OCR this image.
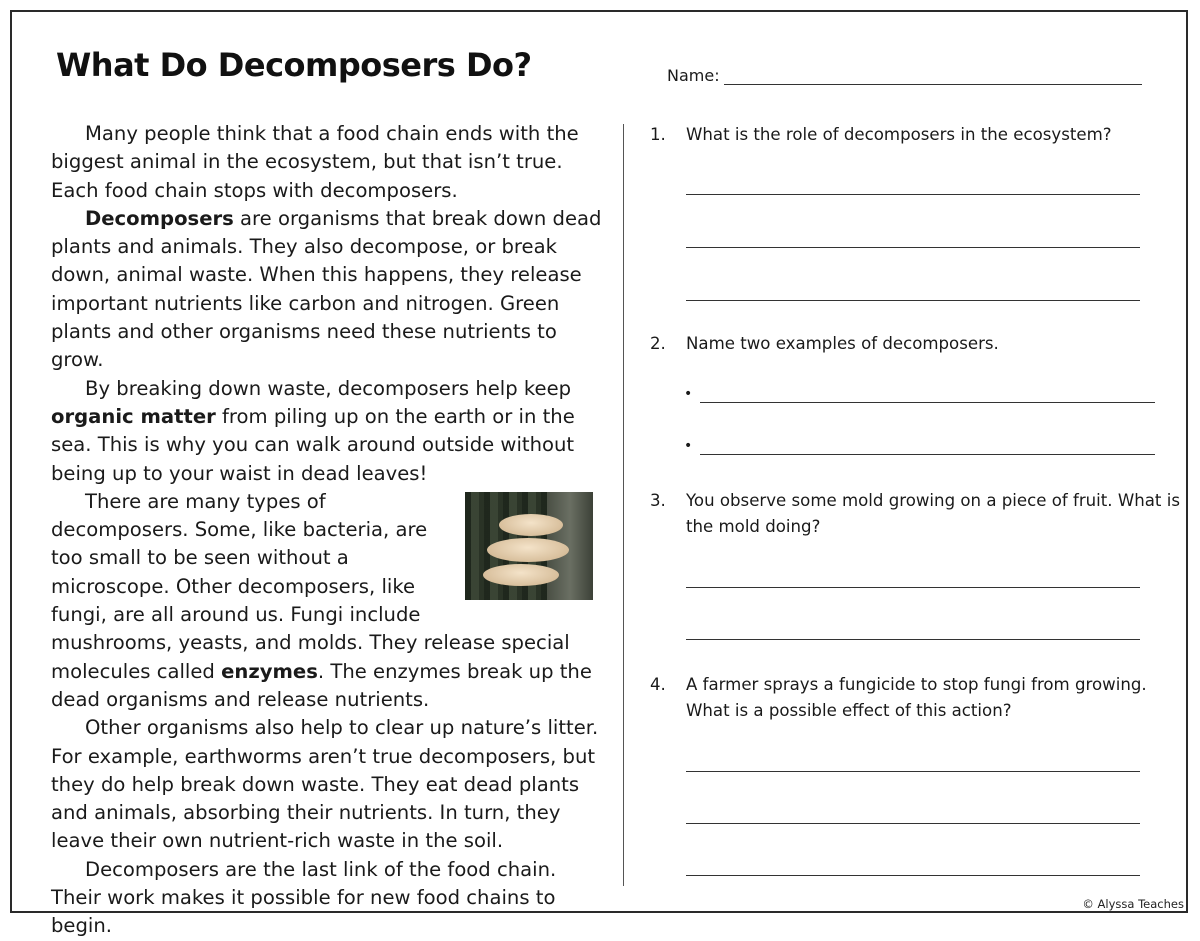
What Do Decomposers Do?	Name:

Many people think that a food chain ends with the biggest animal in the ecosystem, but that isn’t true. Each food chain stops with decomposers.

Decomposers are organisms that break down dead plants and animals. They also decompose, or break down, animal waste. When this happens, they release important nutrients like carbon and nitrogen. Green plants and other organisms need these nutrients to grow.

By breaking down waste, decomposers help keep organic matter from piling up on the earth or in the sea. This is why you can walk around outside without being up to your waist in dead leaves!

There are many types of decomposers. Some, like bacteria, are too small to be seen without a microscope. Other decomposers, like fungi, are all around us. Fungi include mushrooms, yeasts, and molds. They release special molecules called enzymes. The enzymes break up the dead organisms and release nutrients.

Other organisms also help to clear up nature’s litter. For example, earthworms aren’t true decomposers, but they do help break down waste. They eat dead plants and animals, absorbing their nutrients. In turn, they leave their own nutrient-rich waste in the soil.

Decomposers are the last link of the food chain. Their work makes it possible for new food chains to begin.

1. What is the role of decomposers in the ecosystem?
2. Name two examples of decomposers.
•
•
3. You observe some mold growing on a piece of fruit. What is the mold doing?
4. A farmer sprays a fungicide to stop fungi from growing. What is a possible effect of this action?
© Alyssa Teaches
